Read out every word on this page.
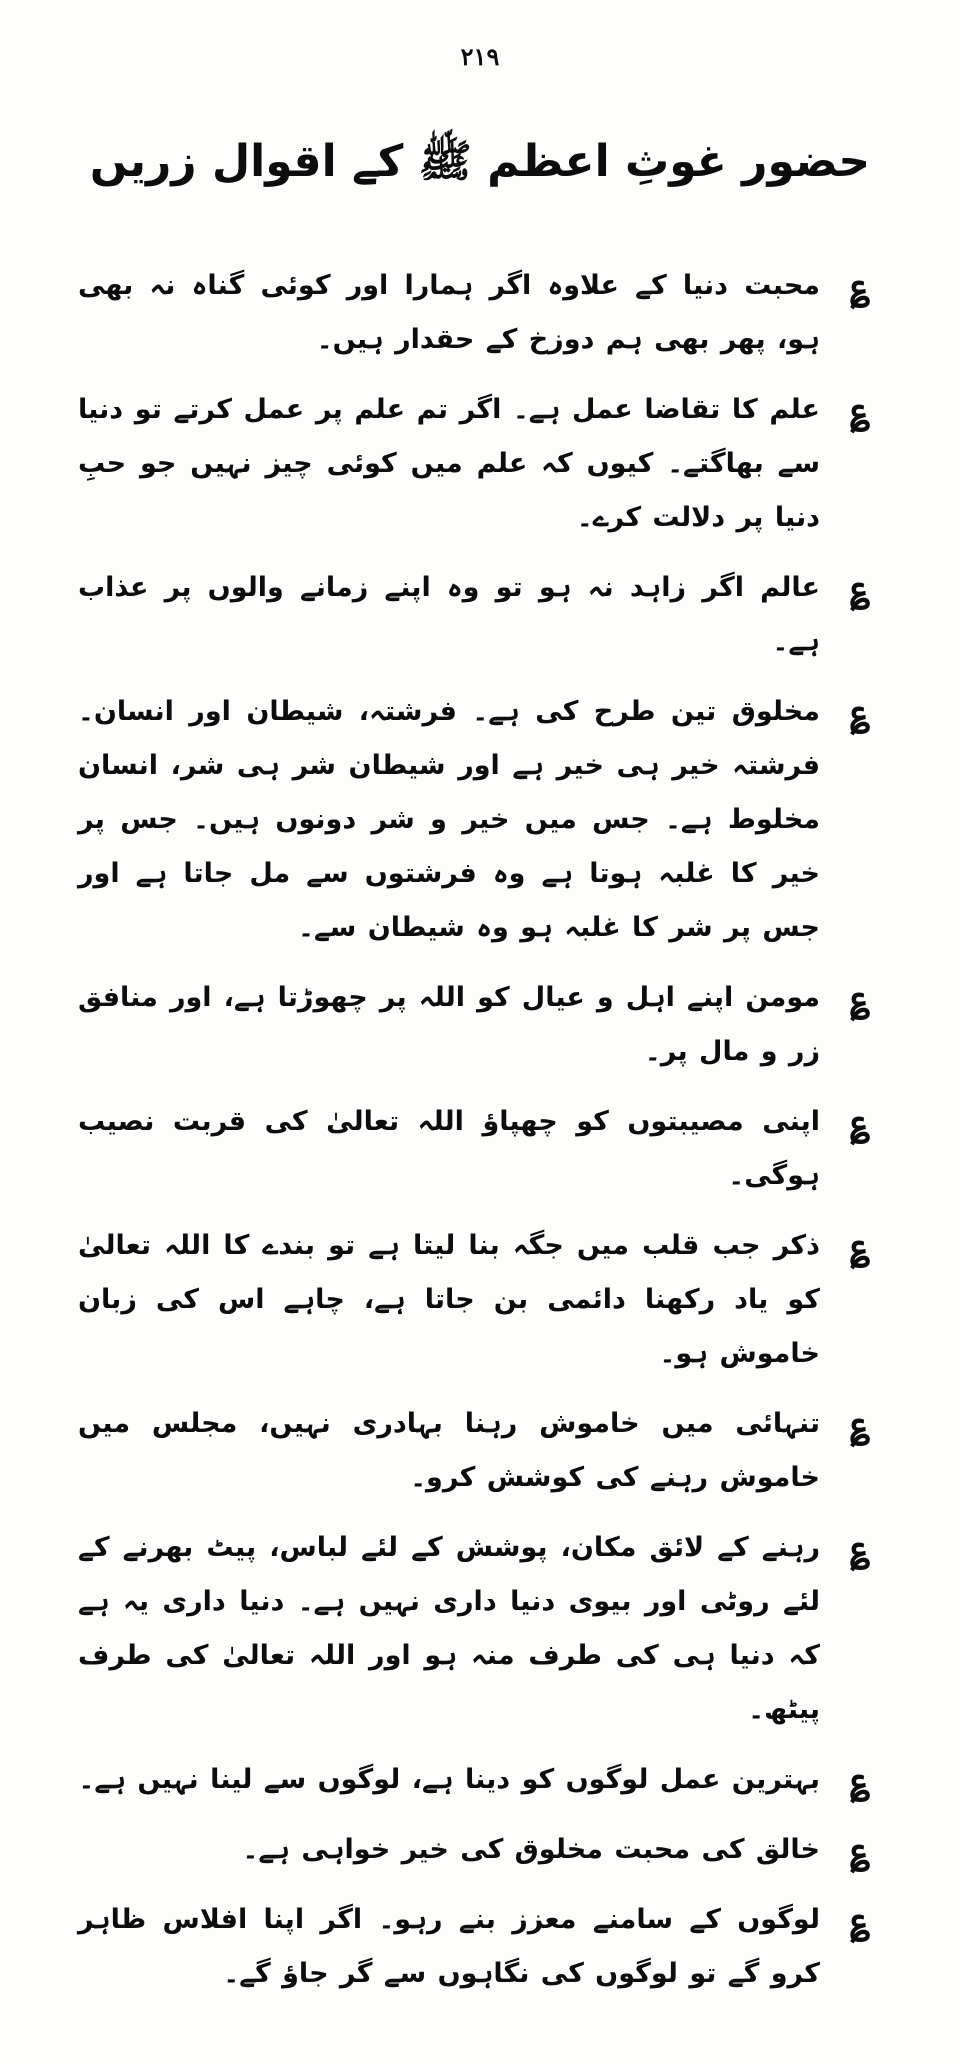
۲۱۹
حضور غوثِ اعظم ﷺ کے اقوال زریں
؏
محبت دنیا کے علاوہ اگر ہمارا اور کوئی گناہ نہ بھی ہو، پھر بھی ہم دوزخ کے حقدار ہیں۔
؏
علم کا تقاضا عمل ہے۔ اگر تم علم پر عمل کرتے تو دنیا سے بھاگتے۔ کیوں کہ علم میں کوئی چیز نہیں جو حبِ دنیا پر دلالت کرے۔
؏
عالم اگر زاہد نہ ہو تو وہ اپنے زمانے والوں پر عذاب ہے۔
؏
مخلوق تین طرح کی ہے۔ فرشتہ، شیطان اور انسان۔ فرشتہ خیر ہی خیر ہے اور شیطان شر ہی شر، انسان مخلوط ہے۔ جس میں خیر و شر دونوں ہیں۔ جس پر خیر کا غلبہ ہوتا ہے وہ فرشتوں سے مل جاتا ہے اور جس پر شر کا غلبہ ہو وہ شیطان سے۔
؏
مومن اپنے اہل و عیال کو اللہ پر چھوڑتا ہے، اور منافق زر و مال پر۔
؏
اپنی مصیبتوں کو چھپاؤ اللہ تعالیٰ کی قربت نصیب ہوگی۔
؏
ذکر جب قلب میں جگہ بنا لیتا ہے تو بندے کا اللہ تعالیٰ کو یاد رکھنا دائمی بن جاتا ہے، چاہے اس کی زبان خاموش ہو۔
؏
تنہائی میں خاموش رہنا بہادری نہیں، مجلس میں خاموش رہنے کی کوشش کرو۔
؏
رہنے کے لائق مکان، پوشش کے لئے لباس، پیٹ بھرنے کے لئے روٹی اور بیوی دنیا داری نہیں ہے۔ دنیا داری یہ ہے کہ دنیا ہی کی طرف منہ ہو اور اللہ تعالیٰ کی طرف پیٹھ۔
؏
بہترین عمل لوگوں کو دینا ہے، لوگوں سے لینا نہیں ہے۔
؏
خالق کی محبت مخلوق کی خیر خواہی ہے۔
؏
لوگوں کے سامنے معزز بنے رہو۔ اگر اپنا افلاس ظاہر کرو گے تو لوگوں کی نگاہوں سے گر جاؤ گے۔
